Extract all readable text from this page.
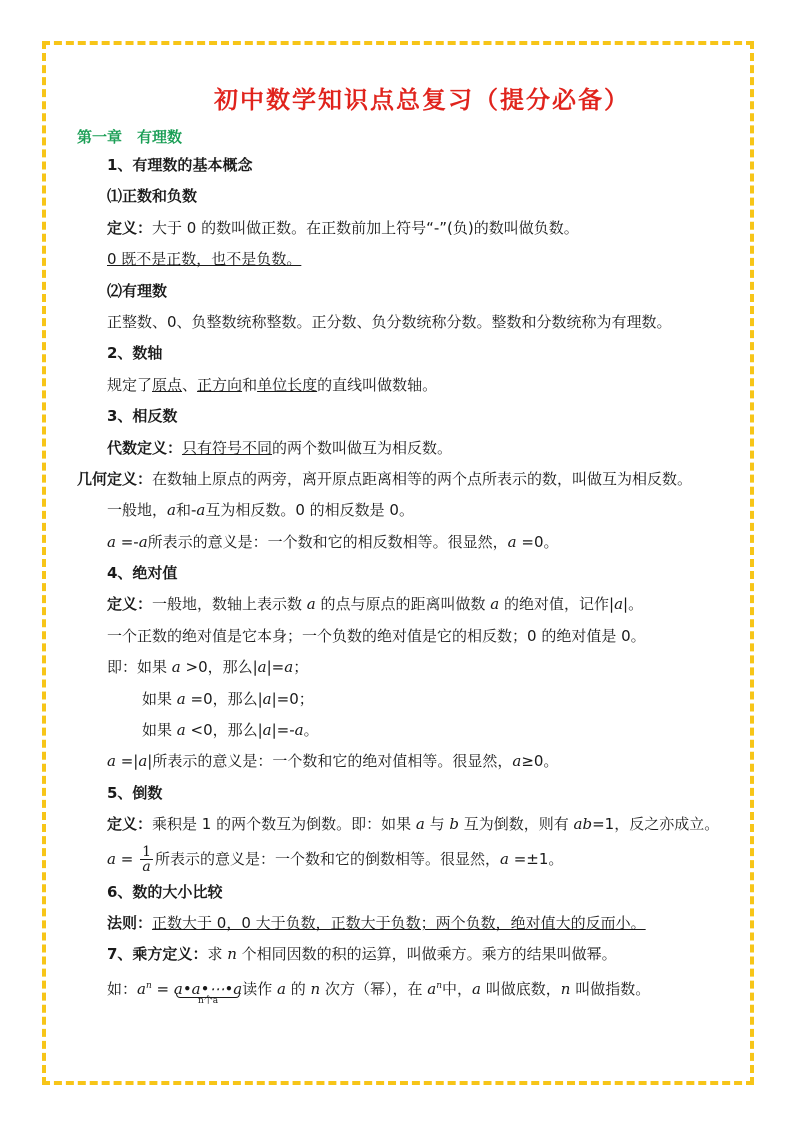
初中数学知识点总复习（提分必备）
第一章　有理数
1、有理数的基本概念
⑴正数和负数
定义：大于 0 的数叫做正数。在正数前加上符号“-”(负)的数叫做负数。
0 既不是正数，也不是负数。
⑵有理数
正整数、0、负整数统称整数。正分数、负分数统称分数。整数和分数统称为有理数。
2、数轴
规定了原点、正方向和单位长度的直线叫做数轴。
3、相反数
代数定义：只有符号不同的两个数叫做互为相反数。
几何定义：在数轴上原点的两旁，离开原点距离相等的两个点所表示的数，叫做互为相反数。
一般地，a和-a互为相反数。0 的相反数是 0。
a =-a所表示的意义是：一个数和它的相反数相等。很显然，a =0。
4、绝对值
定义：一般地，数轴上表示数 a 的点与原点的距离叫做数 a 的绝对值，记作|a|。
一个正数的绝对值是它本身；一个负数的绝对值是它的相反数；0 的绝对值是 0。
即：如果 a >0，那么|a|=a；
如果 a =0，那么|a|=0；
如果 a <0，那么|a|=-a。
a =|a|所表示的意义是：一个数和它的绝对值相等。很显然，a≥0。
5、倒数
定义：乘积是 1 的两个数互为倒数。即：如果 a 与 b 互为倒数，则有 ab=1，反之亦成立。
$a = \frac{1}{a}$ 所表示的意义是：一个数和它的倒数相等。很显然，a =±1。
6、数的大小比较
法则：正数大于 0，0 大于负数，正数大于负数；两个负数，绝对值大的反而小。
7、乘方定义：求 n 个相同因数的积的运算，叫做乘方。乘方的结果叫做幂。
如：$a^n$ = a•a•⋯•a
n个a
读作 a 的 n 次方（幂），在 $a^n$中，a 叫做底数，n 叫做指数。
